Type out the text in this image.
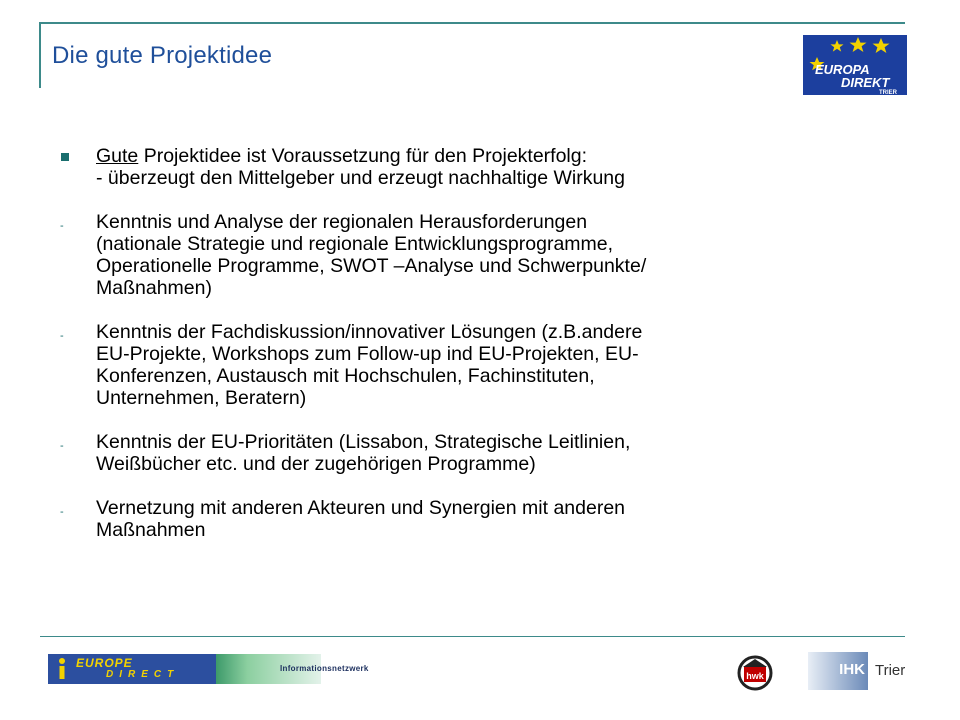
Die gute Projektidee
EUROPA
DIREKT
TRIER
Gute Projektidee ist Voraussetzung für den Projekterfolg:
- überzeugt den Mittelgeber und erzeugt nachhaltige Wirkung
- Kenntnis und Analyse der regionalen Herausforderungen
(nationale Strategie und regionale Entwicklungsprogramme,
Operationelle Programme, SWOT –Analyse und Schwerpunkte/
Maßnahmen)
- Kenntnis der Fachdiskussion/innovativer Lösungen (z.B.andere
EU-Projekte, Workshops zum Follow-up ind EU-Projekten, EU-
Konferenzen, Austausch mit Hochschulen, Fachinstituten,
Unternehmen, Beratern)
- Kenntnis der EU-Prioritäten (Lissabon, Strategische Leitlinien,
Weißbücher etc. und der zugehörigen Programme)
- Vernetzung mit anderen Akteuren und Synergien mit anderen
Maßnahmen
EUROPE
DIRECT
Informationsnetzwerk
hwk	IHK Trier
